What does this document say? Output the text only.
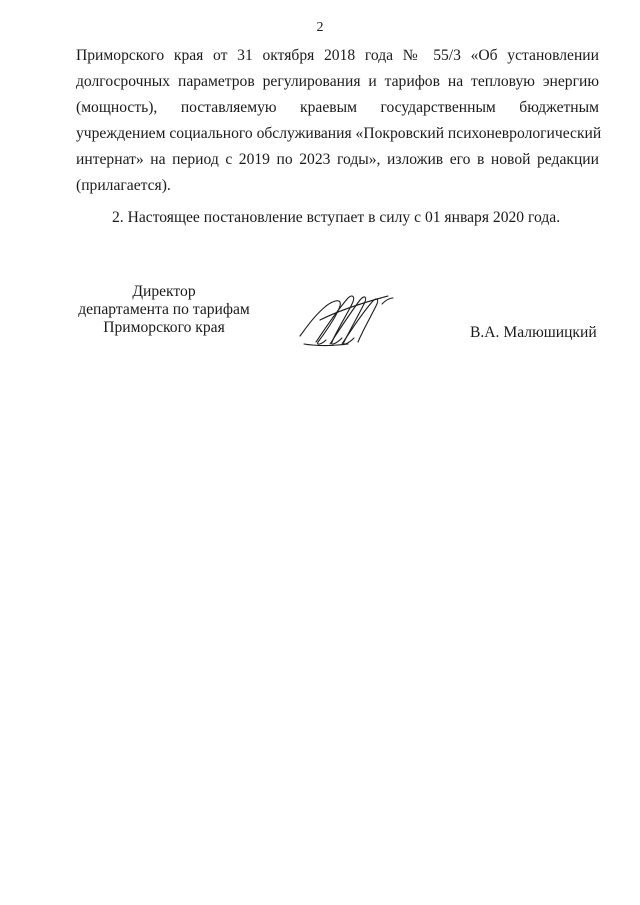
2

Приморского края от 31 октября 2018 года № 55/3 «Об установлении
долгосрочных параметров регулирования и тарифов на тепловую энергию
(мощность), поставляемую краевым государственным бюджетным
учреждением социального обслуживания «Покровский психоневрологический
интернат» на период с 2019 по 2023 годы», изложив его в новой редакции
(прилагается).

2. Настоящее постановление вступает в силу с 01 января 2020 года.

Директор
департамента по тарифам
Приморского края	В.А. Малюшицкий
